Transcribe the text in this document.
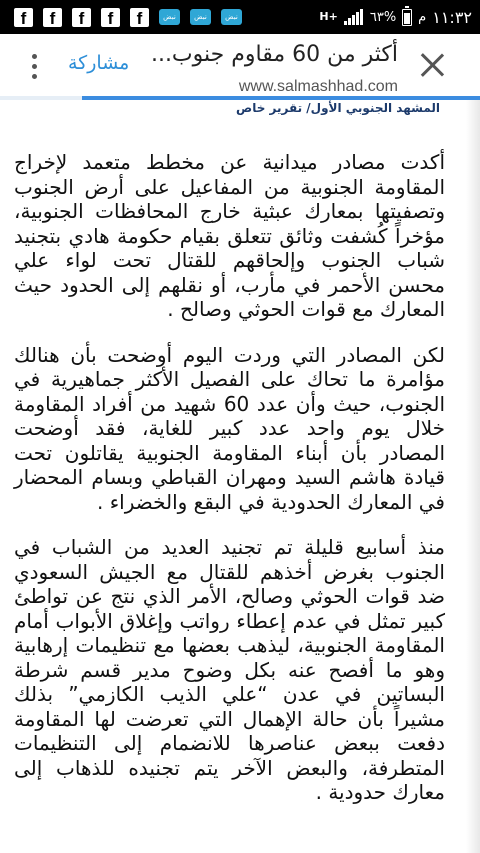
f	f	f	f	f	نبض	نبض	نبض	H+ ٦٣% م ١١:٣٢
أكثر من 60 مقاوم جنوب...
www.salmashhad.com
مشاركة
المشهد الجنوبي الأول/ تقرير خاص

أكدت مصادر ميدانية عن مخطط متعمد لإخراج المقاومة الجنوبية من المفاعيل على أرض الجنوب وتصفيتها بمعارك عبثية خارج المحافظات الجنوبية، مؤخراً كُشفت وثائق تتعلق بقيام حكومة هادي بتجنيد شباب الجنوب وإلحاقهم للقتال تحت لواء علي محسن الأحمر في مأرب، أو نقلهم إلى الحدود حيث المعارك مع قوات الحوثي وصالح .

لكن المصادر التي وردت اليوم أوضحت بأن هنالك مؤامرة ما تحاك على الفصيل الأكثر جماهيرية في الجنوب، حيث وأن عدد 60 شهيد من أفراد المقاومة خلال يوم واحد عدد كبير للغاية، فقد أوضحت المصادر بأن أبناء المقاومة الجنوبية يقاتلون تحت قيادة هاشم السيد ومهران القباطي وبسام المحضار في المعارك الحدودية في البقع والخضراء .

منذ أسابيع قليلة تم تجنيد العديد من الشباب في الجنوب بغرض أخذهم للقتال مع الجيش السعودي ضد قوات الحوثي وصالح، الأمر الذي نتج عن تواطئ كبير تمثل في عدم إعطاء رواتب وإغلاق الأبواب أمام المقاومة الجنوبية، ليذهب بعضها مع تنظيمات إرهابية وهو ما أفصح عنه بكل وضوح مدير قسم شرطة البساتين في عدن “علي الذيب الكازمي” بذلك مشيراً بأن حالة الإهمال التي تعرضت لها المقاومة دفعت ببعض عناصرها للانضمام إلى التنظيمات المتطرفة، والبعض الآخر يتم تجنيده للذهاب إلى معارك حدودية .
